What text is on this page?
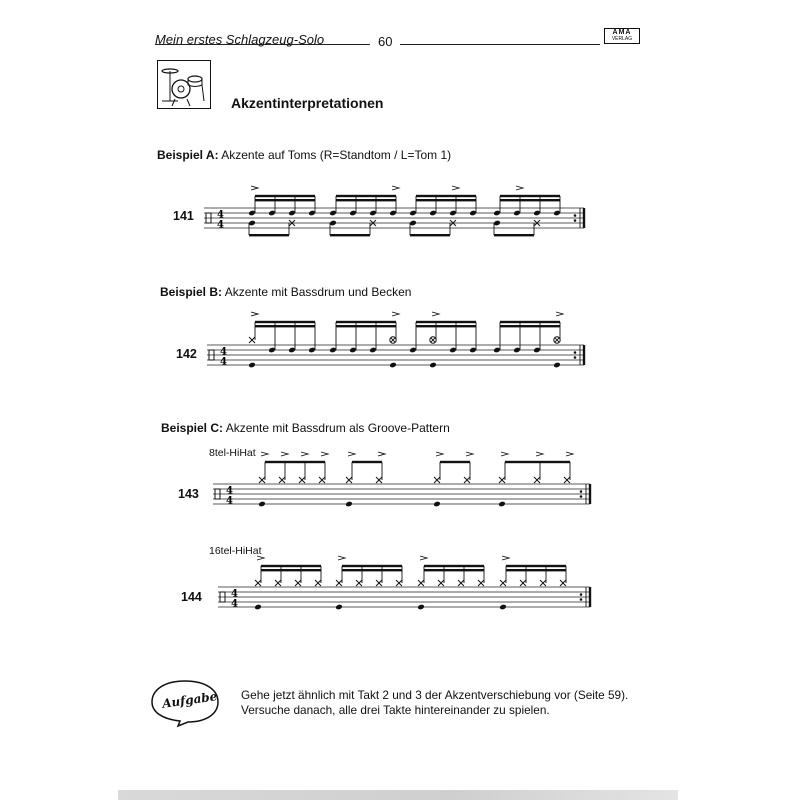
Mein erstes Schlagzeug-Solo	60
AMA
VERLAG
Akzentinterpretationen
Beispiel A: Akzente auf Toms (R=Standtom / L=Tom 1)
Beispiel B: Akzente mit Bassdrum und Becken
Beispiel C: Akzente mit Bassdrum als Groove-Pattern
8tel-HiHat
16tel-HiHat
141
142
143
144
4
4
4
4
4
4
4
4
Aufgabe Gehe jetzt ähnlich mit Takt 2 und 3 der Akzentverschiebung vor (Seite 59).
Versuche danach, alle drei Takte hintereinander zu spielen.
